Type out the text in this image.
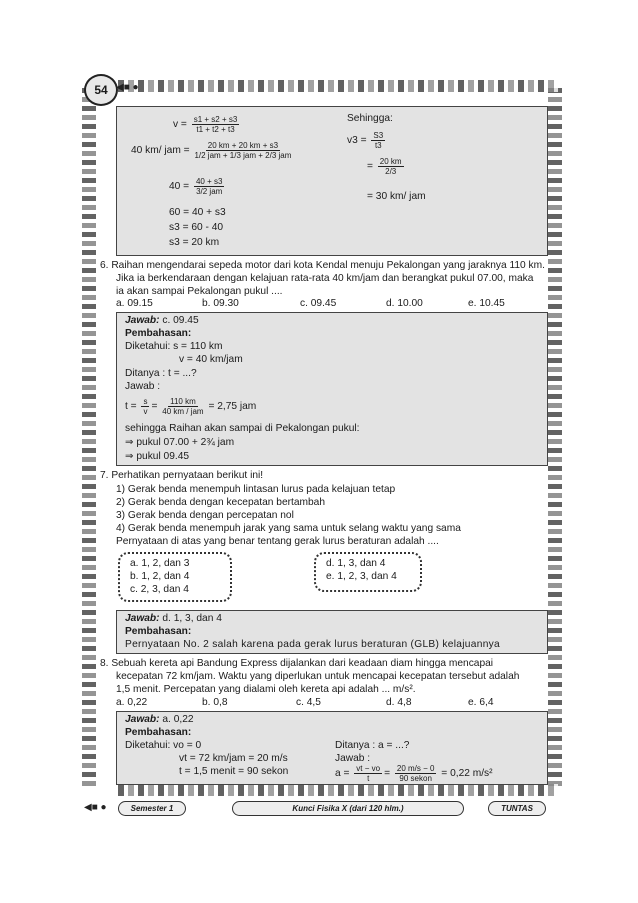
54 ◀■ ●
$v = \frac{s1 + s2 + s3}{t1 + t2 + t3}$
40 km/ jam = $\frac{20 km + 20 km + s3}{\text{1/2 jam + 1/3 jam + 2/3 jam}}$
$40 = \frac{40 + s3}{\text{3/2 jam}}$
60 = 40 + s3
s3 = 60 - 40
s3 = 20 km
Sehingga:
$v3 = \frac{S3}{t3}$
= $\frac{20 km}{2/3}$
= 30 km/ jam
6. Raihan mengendarai sepeda motor dari kota Kendal menuju Pekalongan yang jaraknya 110 km.
Jika ia berkendaraan dengan kelajuan rata-rata 40 km/jam dan berangkat pukul 07.00, maka
ia akan sampai Pekalongan pukul ....
a. 09.15	b. 09.30	c. 09.45	d. 10.00	e. 10.45
Jawab: c. 09.45
Pembahasan:
Diketahui: s = 110 km
v = 40 km/jam
Ditanya : t = ...?
Jawab :
$t = \frac{s}{v} = \frac{110 km}{\text{40 km / jam}} = 2,75$ jam
sehingga Raihan akan sampai di Pekalongan pukul:
⇒ pukul 07.00 + 2¾ jam
⇒ pukul 09.45
7. Perhatikan pernyataan berikut ini!
1) Gerak benda menempuh lintasan lurus pada kelajuan tetap
2) Gerak benda dengan kecepatan bertambah
3) Gerak benda dengan percepatan nol
4) Gerak benda menempuh jarak yang sama untuk selang waktu yang sama
Pernyataan di atas yang benar tentang gerak lurus beraturan adalah ....
a. 1, 2, dan 3
b. 1, 2, dan 4
c. 2, 3, dan 4
d. 1, 3, dan 4
e. 1, 2, 3, dan 4
Jawab: d. 1, 3, dan 4
Pembahasan:
Pernyataan No. 2 salah karena pada gerak lurus beraturan (GLB) kelajuannya
8. Sebuah kereta api Bandung Express dijalankan dari keadaan diam hingga mencapai
kecepatan 72 km/jam. Waktu yang diperlukan untuk mencapai kecepatan tersebut adalah
1,5 menit. Percepatan yang dialami oleh kereta api adalah ... m/s².
a. 0,22	b. 0,8	c. 4,5	d. 4,8	e. 6,4
Jawab: a. 0,22
Pembahasan:
Diketahui: vo = 0
vt = 72 km/jam = 20 m/s
t = 1,5 menit = 90 sekon
Ditanya : a = ...?
Jawab :
$a = \frac{vt - vo}{t} = \frac{20 m/s - 0}{\text{90 sekon}} = 0,22$ m/s²
◀■ ●	Semester 1	Kunci Fisika X (dari 120 hlm.)	TUNTAS
